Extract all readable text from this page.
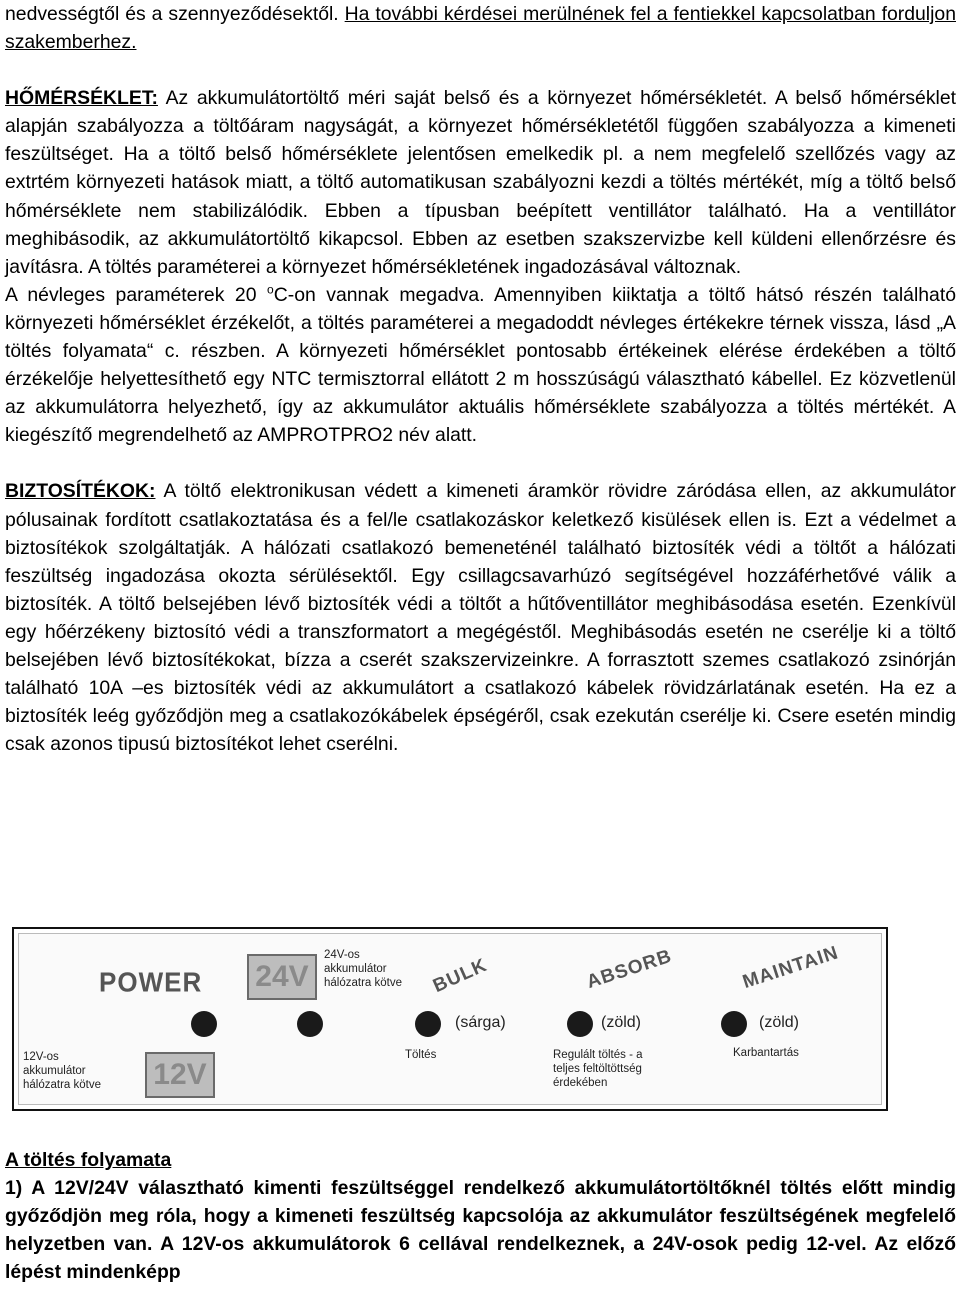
nedvességtől és a szennyeződésektől. Ha további kérdései merülnének fel a fentiekkel kapcsolatban forduljon szakemberhez.

HŐMÉRSÉKLET: Az akkumulátortöltő méri saját belső és a környezet hőmérsékletét. A belső hőmérséklet alapján szabályozza a töltőáram nagyságát, a környezet hőmérsékletétől függően szabályozza a kimeneti feszültséget. Ha a töltő belső hőmérséklete jelentősen emelkedik pl. a nem megfelelő szellőzés vagy az extrtém környezeti hatások miatt, a töltő automatikusan szabályozni kezdi a töltés mértékét, míg a töltő belső hőmérséklete nem stabilizálódik. Ebben a típusban beépített ventillátor található. Ha a ventillátor meghibásodik, az akkumulátortöltő kikapcsol. Ebben az esetben szakszervizbe kell küldeni ellenőrzésre és javításra. A töltés paraméterei a környezet hőmérsékletének ingadozásával változnak.

A névleges paraméterek 20 $^o$C-on vannak megadva. Amennyiben kiiktatja a töltő hátsó részén található környezeti hőmérséklet érzékelőt, a töltés paraméterei a megadoddt névleges értékekre térnek vissza, lásd „A töltés folyamata“ c. részben. A környezeti hőmérséklet pontosabb értékeinek elérése érdekében a töltő érzékelője helyettesíthető egy NTC termisztorral ellátott 2 m hosszúságú választható kábellel. Ez közvetlenül az akkumulátorra helyezhető, így az akkumulátor aktuális hőmérséklete szabályozza a töltés mértékét. A kiegészítő megrendelhető az AMPROTPRO2 név alatt.

BIZTOSÍTÉKOK: A töltő elektronikusan védett a kimeneti áramkör rövidre záródása ellen, az akkumulátor pólusainak fordított csatlakoztatása és a fel/le csatlakozáskor keletkező kisülések ellen is. Ezt a védelmet a biztosítékok szolgáltatják. A hálózati csatlakozó bemeneténél található biztosíték védi a töltőt a hálózati feszültség ingadozása okozta sérülésektől. Egy csillagcsavarhúzó segítségével hozzáférhetővé válik a biztosíték. A töltő belsejében lévő biztosíték védi a töltőt a hűtőventillátor meghibásodása esetén. Ezenkívül egy hőérzékeny biztosító védi a transzformatort a megégéstől. Meghibásodás esetén ne cserélje ki a töltő belsejében lévő biztosítékokat, bízza a cserét szakszervizeinkre. A forrasztott szemes csatlakozó zsinórján található 10A –es biztosíték védi az akkumulátort a csatlakozó kábelek rövidzárlatának esetén. Ha ez a biztosíték leég győződjön meg a csatlakozókábelek épségéről, csak ezekután cserélje ki. Csere esetén mindig csak azonos tipusú biztosítékot lehet cserélni.

POWER 24V
12V
24V-os
akkumulátor
hálózatra kötve
12V-os
akkumulátor
hálózatra kötve
BULK	ABSORB	MAINTAIN
(sárga)	(zöld)	(zöld)
Töltés	Regulált töltés - a
teljes feltöltöttség
érdekében
Karbantartás

A töltés folyamata

1) A 12V/24V választható kimenti feszültséggel rendelkező akkumulátortöltőknél töltés előtt mindig győződjön meg róla, hogy a kimeneti feszültség kapcsolója az akkumulátor feszültségének megfelelő helyzetben van. A 12V-os akkumulátorok 6 cellával rendelkeznek, a 24V-osok pedig 12-vel. Az előző lépést mindenképp
